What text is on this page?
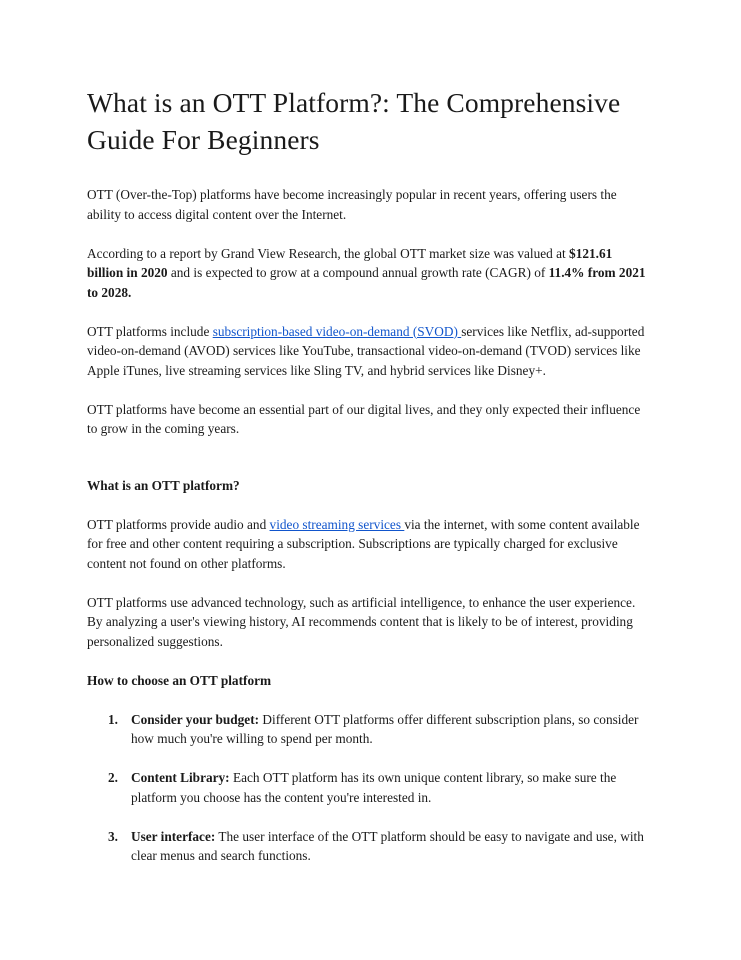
What is an OTT Platform?: The Comprehensive Guide For Beginners

OTT (Over-the-Top) platforms have become increasingly popular in recent years, offering users the ability to access digital content over the Internet.

According to a report by Grand View Research, the global OTT market size was valued at $121.61 billion in 2020 and is expected to grow at a compound annual growth rate (CAGR) of 11.4% from 2021 to 2028.

OTT platforms include subscription-based video-on-demand (SVOD) services like Netflix, ad-supported video-on-demand (AVOD) services like YouTube, transactional video-on-demand (TVOD) services like Apple iTunes, live streaming services like Sling TV, and hybrid services like Disney+.

OTT platforms have become an essential part of our digital lives, and they only expected their influence to grow in the coming years.

What is an OTT platform?

OTT platforms provide audio and video streaming services via the internet, with some content available for free and other content requiring a subscription. Subscriptions are typically charged for exclusive content not found on other platforms.

OTT platforms use advanced technology, such as artificial intelligence, to enhance the user experience. By analyzing a user's viewing history, AI recommends content that is likely to be of interest, providing personalized suggestions.

How to choose an OTT platform
1. Consider your budget: Different OTT platforms offer different subscription plans, so consider how much you're willing to spend per month.
2. Content Library: Each OTT platform has its own unique content library, so make sure the platform you choose has the content you're interested in.
3. User interface: The user interface of the OTT platform should be easy to navigate and use, with clear menus and search functions.
